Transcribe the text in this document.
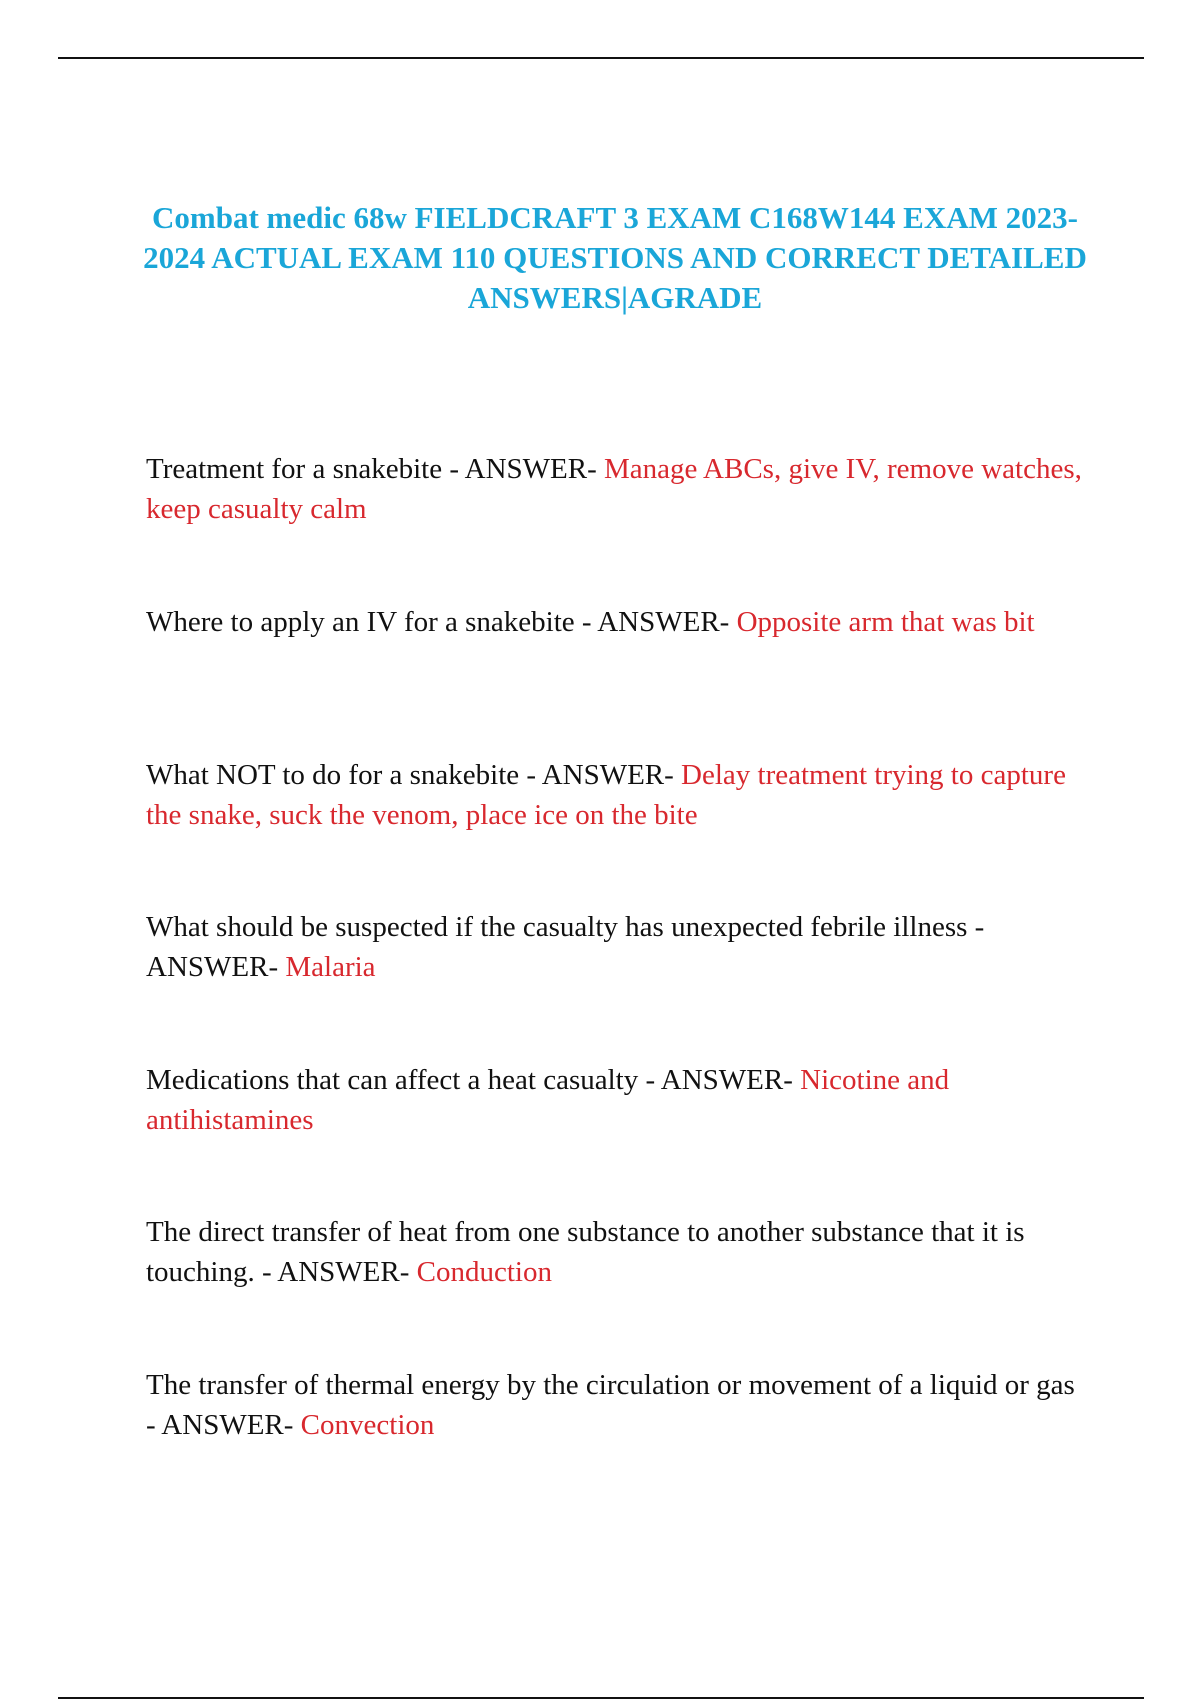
Combat medic 68w FIELDCRAFT 3 EXAM C168W144 EXAM 2023-2024 ACTUAL EXAM 110 QUESTIONS AND CORRECT DETAILED ANSWERS|AGRADE

Treatment for a snakebite - ANSWER- Manage ABCs, give IV, remove watches, keep casualty calm

Where to apply an IV for a snakebite - ANSWER- Opposite arm that was bit

What NOT to do for a snakebite - ANSWER- Delay treatment trying to capture the snake, suck the venom, place ice on the bite

What should be suspected if the casualty has unexpected febrile illness - ANSWER- Malaria

Medications that can affect a heat casualty - ANSWER- Nicotine and antihistamines

The direct transfer of heat from one substance to another substance that it is touching. - ANSWER- Conduction

The transfer of thermal energy by the circulation or movement of a liquid or gas - ANSWER- Convection
